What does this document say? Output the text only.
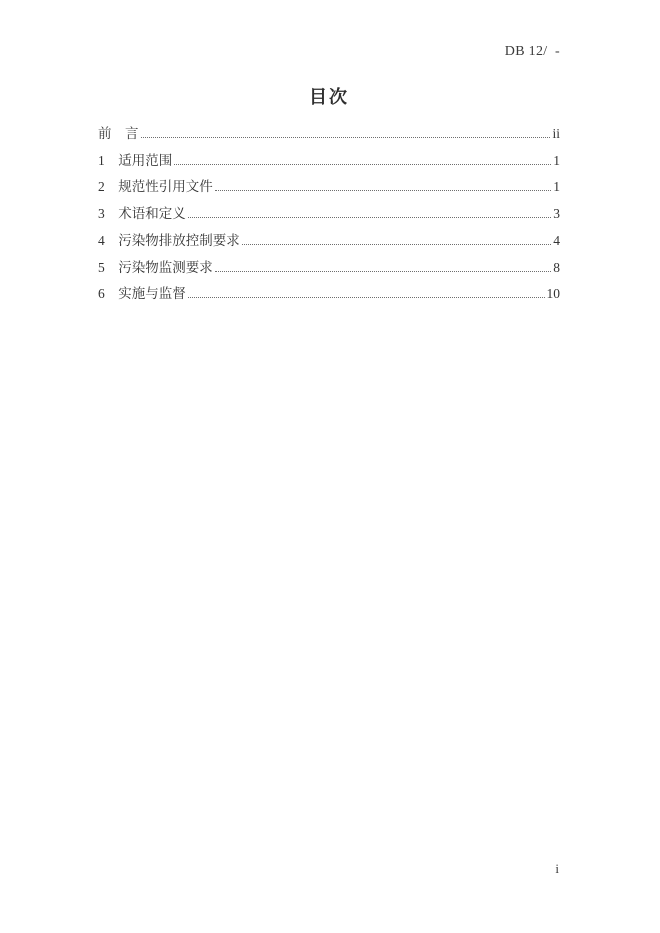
DB 12/  -
目次
前　言	ii
1　适用范围	1
2　规范性引用文件	1
3　术语和定义	3
4　污染物排放控制要求	4
5　污染物监测要求	8
6　实施与监督	10
i
